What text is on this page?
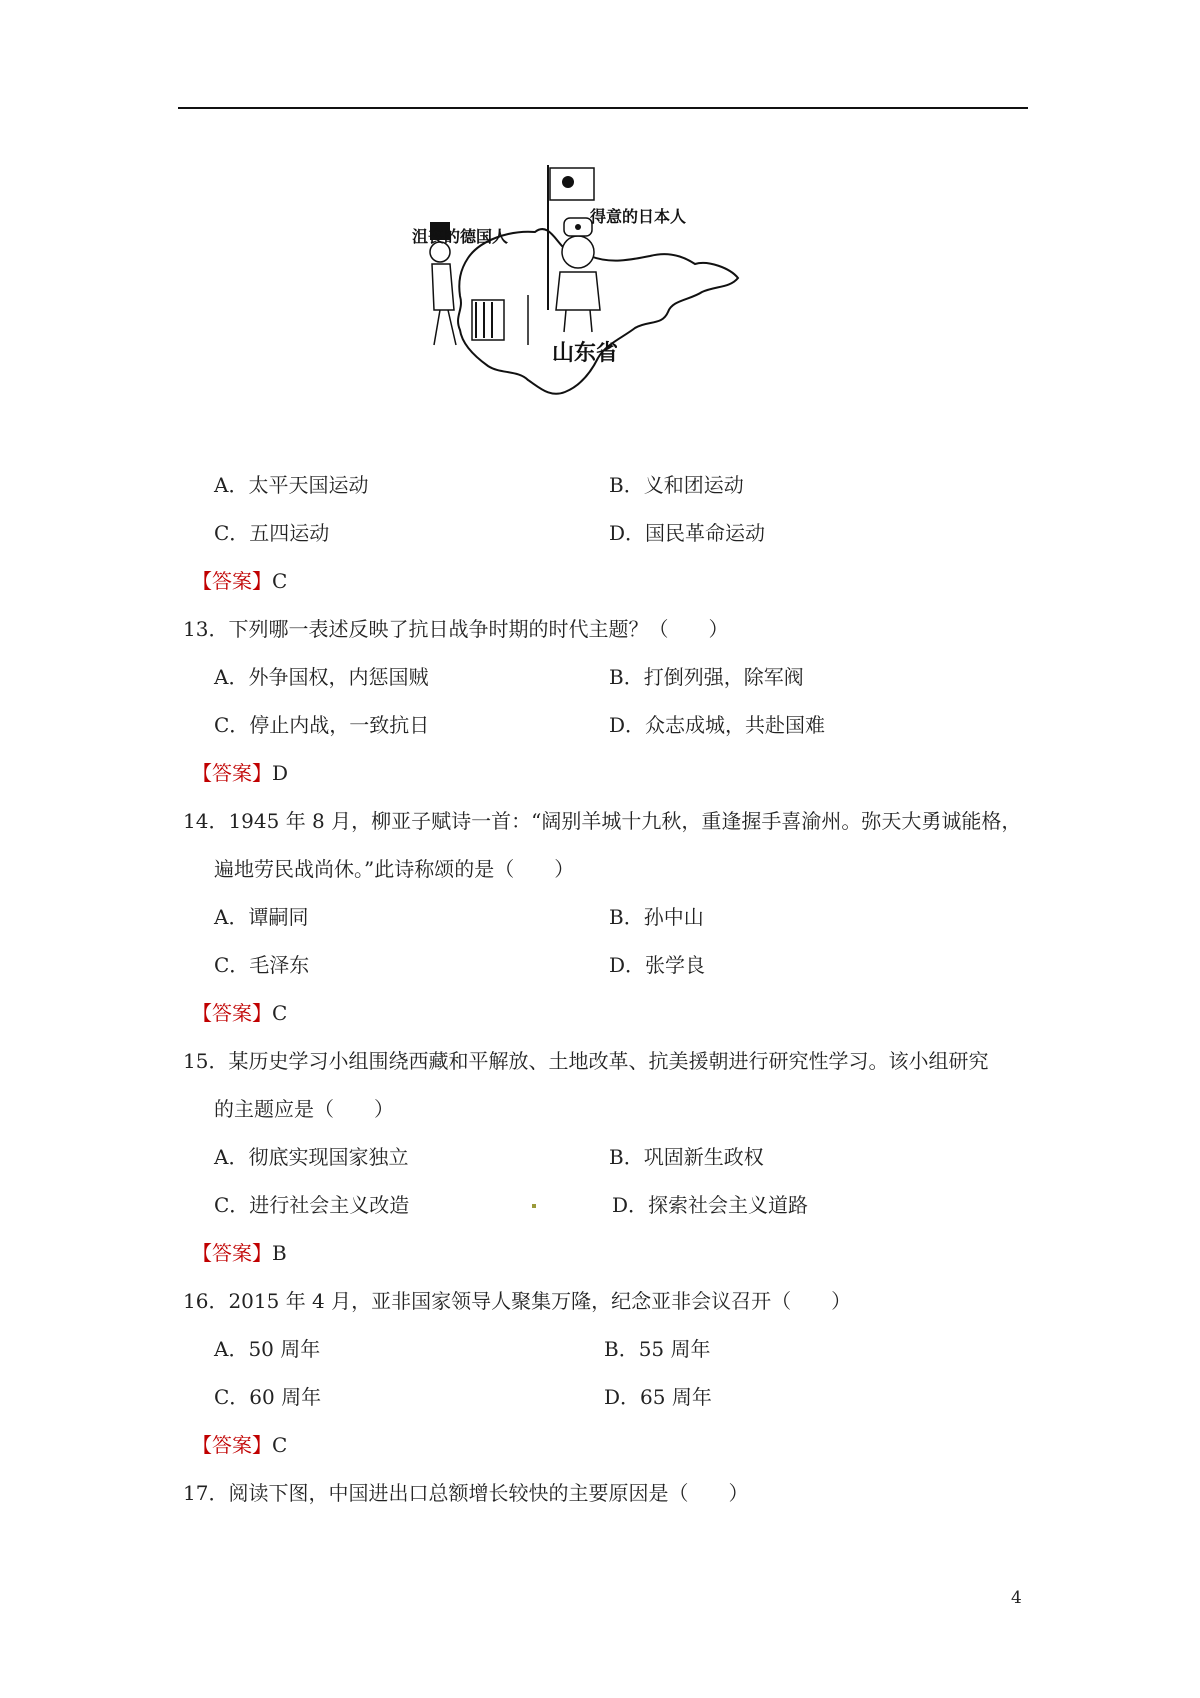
沮丧的德国人
得意的日本人
山东省
A．太平天国运动	B．义和团运动
C．五四运动	D．国民革命运动
【答案】C
13．下列哪一表述反映了抗日战争时期的时代主题？（　　）
A．外争国权，内惩国贼	B．打倒列强，除军阀
C．停止内战，一致抗日	D．众志成城，共赴国难
【答案】D
14．1945 年 8 月，柳亚子赋诗一首：“阔别羊城十九秋，重逢握手喜渝州。弥天大勇诚能格，
遍地劳民战尚休。”此诗称颂的是（　　）
A．谭嗣同	B．孙中山
C．毛泽东	D．张学良
【答案】C
15．某历史学习小组围绕西藏和平解放、土地改革、抗美援朝进行研究性学习。该小组研究
的主题应是（　　）
A．彻底实现国家独立	B．巩固新生政权
C．进行社会主义改造	D．探索社会主义道路
【答案】B
16．2015 年 4 月，亚非国家领导人聚集万隆，纪念亚非会议召开（　　）
A．50 周年	B．55 周年
C．60 周年	D．65 周年
【答案】C
17．阅读下图，中国进出口总额增长较快的主要原因是（　　）
4
